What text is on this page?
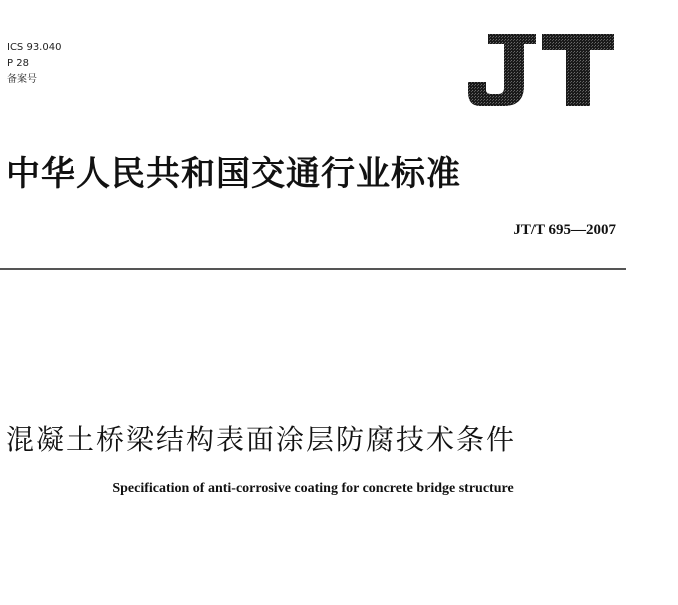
ICS 93.040
P 28
备案号
中华人民共和国交通行业标准
JT/T 695—2007
混凝土桥梁结构表面涂层防腐技术条件
Specification of anti-corrosive coating for concrete bridge structure
